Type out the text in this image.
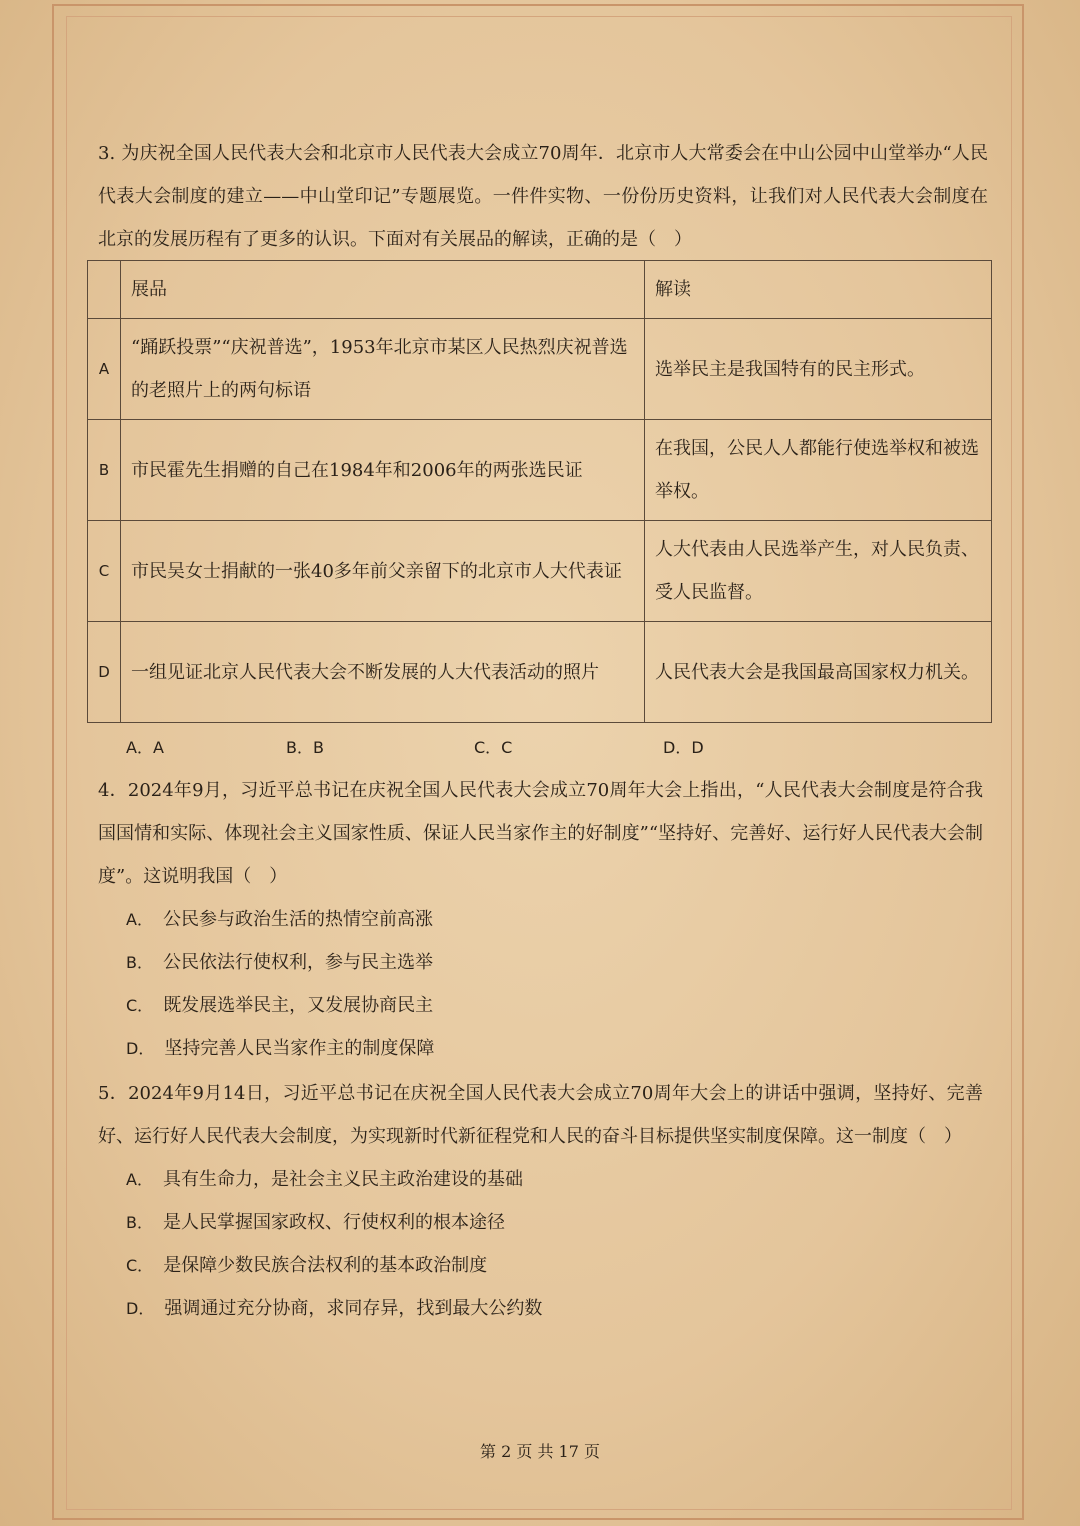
3. 为庆祝全国人民代表大会和北京市人民代表大会成立70周年．北京市人大常委会在中山公园中山堂举办“人民代表大会制度的建立——中山堂印记”专题展览。一件件实物、一份份历史资料，让我们对人民代表大会制度在北京的发展历程有了更多的认识。下面对有关展品的解读，正确的是（　）

	展品	解读
A	“踊跃投票”“庆祝普选”，1953年北京市某区人民热烈庆祝普选的老照片上的两句标语	选举民主是我国特有的民主形式。
B	市民霍先生捐赠的自己在1984年和2006年的两张选民证	在我国，公民人人都能行使选举权和被选举权。
C	市民吴女士捐献的一张40多年前父亲留下的北京市人大代表证	人大代表由人民选举产生，对人民负责、受人民监督。
D	一组见证北京人民代表大会不断发展的人大代表活动的照片	人民代表大会是我国最高国家权力机关。
A．A	B．B	C．C	D．D

4．2024年9月，习近平总书记在庆祝全国人民代表大会成立70周年大会上指出，“人民代表大会制度是符合我国国情和实际、体现社会主义国家性质、保证人民当家作主的好制度”“坚持好、完善好、运行好人民代表大会制度”。这说明我国（　）

A． 公民参与政治生活的热情空前高涨

B． 公民依法行使权利，参与民主选举

C． 既发展选举民主，又发展协商民主

D． 坚持完善人民当家作主的制度保障

5．2024年9月14日，习近平总书记在庆祝全国人民代表大会成立70周年大会上的讲话中强调，坚持好、完善好、运行好人民代表大会制度，为实现新时代新征程党和人民的奋斗目标提供坚实制度保障。这一制度（　）

A． 具有生命力，是社会主义民主政治建设的基础

B． 是人民掌握国家政权、行使权利的根本途径

C． 是保障少数民族合法权利的基本政治制度

D． 强调通过充分协商，求同存异，找到最大公约数

第 2 页 共 17 页
